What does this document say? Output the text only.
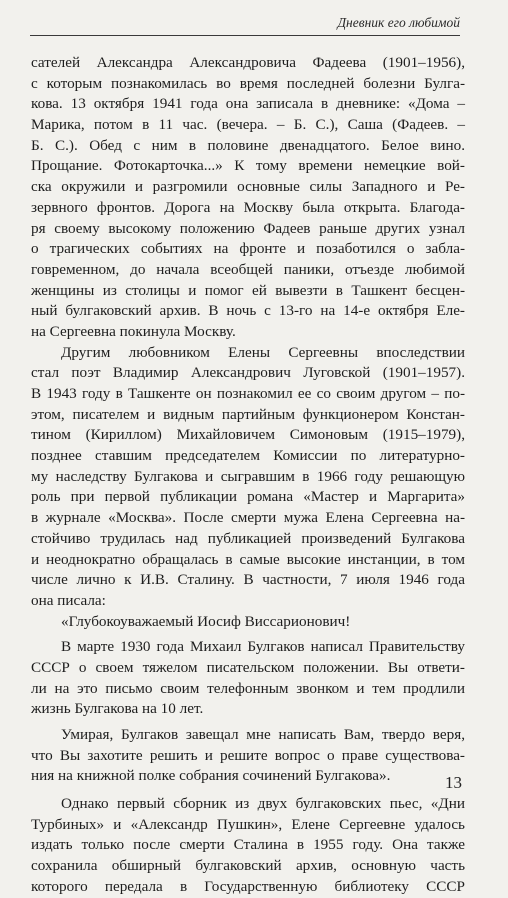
Дневник его любимой
сателей Александра Александровича Фадеева (1901–1956),
с которым познакомилась во время последней болезни Булга-
кова. 13 октября 1941 года она записала в дневнике: «Дома –
Марика, потом в 11 час. (вечера. – Б. С.), Саша (Фадеев. –
Б. С.). Обед с ним в половине двенадцатого. Белое вино.
Прощание. Фотокарточка...» К тому времени немецкие вой-
ска окружили и разгромили основные силы Западного и Ре-
зервного фронтов. Дорога на Москву была открыта. Благода-
ря своему высокому положению Фадеев раньше других узнал
о трагических событиях на фронте и позаботился о забла-
говременном, до начала всеобщей паники, отъезде любимой
женщины из столицы и помог ей вывезти в Ташкент бесцен-
ный булгаковский архив. В ночь с 13-го на 14-е октября Еле-
на Сергеевна покинула Москву.
Другим любовником Елены Сергеевны впоследствии
стал поэт Владимир Александрович Луговской (1901–1957).
В 1943 году в Ташкенте он познакомил ее со своим другом – по-
этом, писателем и видным партийным функционером Констан-
тином (Кириллом) Михайловичем Симоновым (1915–1979),
позднее ставшим председателем Комиссии по литературно-
му наследству Булгакова и сыгравшим в 1966 году решающую
роль при первой публикации романа «Мастер и Маргарита»
в журнале «Москва». После смерти мужа Елена Сергеевна на-
стойчиво трудилась над публикацией произведений Булгакова
и неоднократно обращалась в самые высокие инстанции, в том
числе лично к И.В. Сталину. В частности, 7 июля 1946 года
она писала:
«Глубокоуважаемый Иосиф Виссарионович!
В марте 1930 года Михаил Булгаков написал Правительству
СССР о своем тяжелом писательском положении. Вы ответи-
ли на это письмо своим телефонным звонком и тем продлили
жизнь Булгакова на 10 лет.
Умирая, Булгаков завещал мне написать Вам, твердо веря,
что Вы захотите решить и решите вопрос о праве существова-
ния на книжной полке собрания сочинений Булгакова».
Однако первый сборник из двух булгаковских пьес, «Дни
Турбиных» и «Александр Пушкин», Елене Сергеевне удалось
издать только после смерти Сталина в 1955 году. Она также
сохранила обширный булгаковский архив, основную часть
которого передала в Государственную библиотеку СССР
13
